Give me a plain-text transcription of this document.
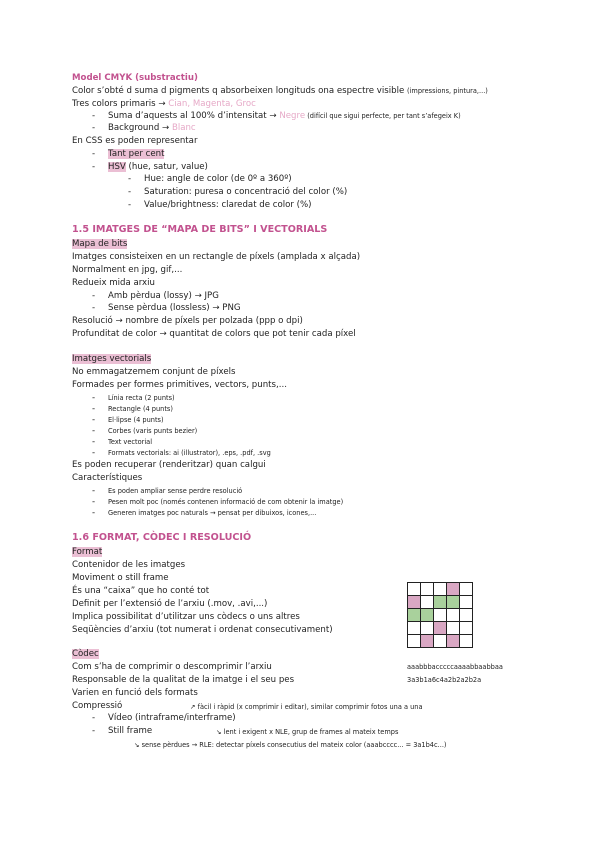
Model CMYK (substractiu)
Color s’obté d suma d pigments q absorbeixen longituds ona espectre visible (impressions, pintura,...)
Tres colors primaris → Cian, Magenta, Groc
- Suma d’aquests al 100% d’intensitat → Negre (difícil que sigui perfecte, per tant s’afegeix K)
- Background → Blanc
En CSS es poden representar
- Tant per cent
- HSV (hue, satur, value)
- Hue: angle de color (de 0º a 360º)
- Saturation: puresa o concentració del color (%)
- Value/brightness: claredat de color (%)
1.5 IMATGES DE “MAPA DE BITS” I VECTORIALS
Mapa de bits
Imatges consisteixen en un rectangle de píxels (amplada x alçada)
Normalment en jpg, gif,...
Redueix mida arxiu
- Amb pèrdua (lossy) → JPG
- Sense pèrdua (lossless) → PNG
Resolució → nombre de píxels per polzada (ppp o dpi)
Profunditat de color → quantitat de colors que pot tenir cada píxel
Imatges vectorials
No emmagatzemem conjunt de píxels
Formades per formes primitives, vectors, punts,...
- Línia recta (2 punts)
- Rectangle (4 punts)
- El·lipse (4 punts)
- Corbes (varis punts bezier)
- Text vectorial
- Formats vectorials: ai (illustrator), .eps, .pdf, .svg
Es poden recuperar (renderitzar) quan calgui
Característiques
- Es poden ampliar sense perdre resolució
- Pesen molt poc (només contenen informació de com obtenir la imatge)
- Generen imatges poc naturals → pensat per dibuixos, icones,...
1.6 FORMAT, CÒDEC I RESOLUCIÓ
Format
Contenidor de les imatges
Moviment o still frame
És una “caixa” que ho conté tot
Definit per l’extensió de l’arxiu (.mov, .avi,...)
Implica possibilitat d’utilitzar uns còdecs o uns altres
Seqüències d’arxiu (tot numerat i ordenat consecutivament)

Còdec
Com s’ha de comprimir o descomprimir l’arxiu	aaabbbacccccaaaabbaabbaa
Responsable de la qualitat de la imatge i el seu pes	3a3b1a6c4a2b2a2b2a
Varien en funció dels formats
Compressió	↗ fàcil i ràpid (x comprimir i editar), similar comprimir fotos una a una
- Vídeo (intraframe/interframe)
- Still frame	↘ lent i exigent x NLE, grup de frames al mateix temps
↘ sense pèrdues → RLE: detectar píxels consecutius del mateix color (aaabcccc... = 3a1b4c...)
